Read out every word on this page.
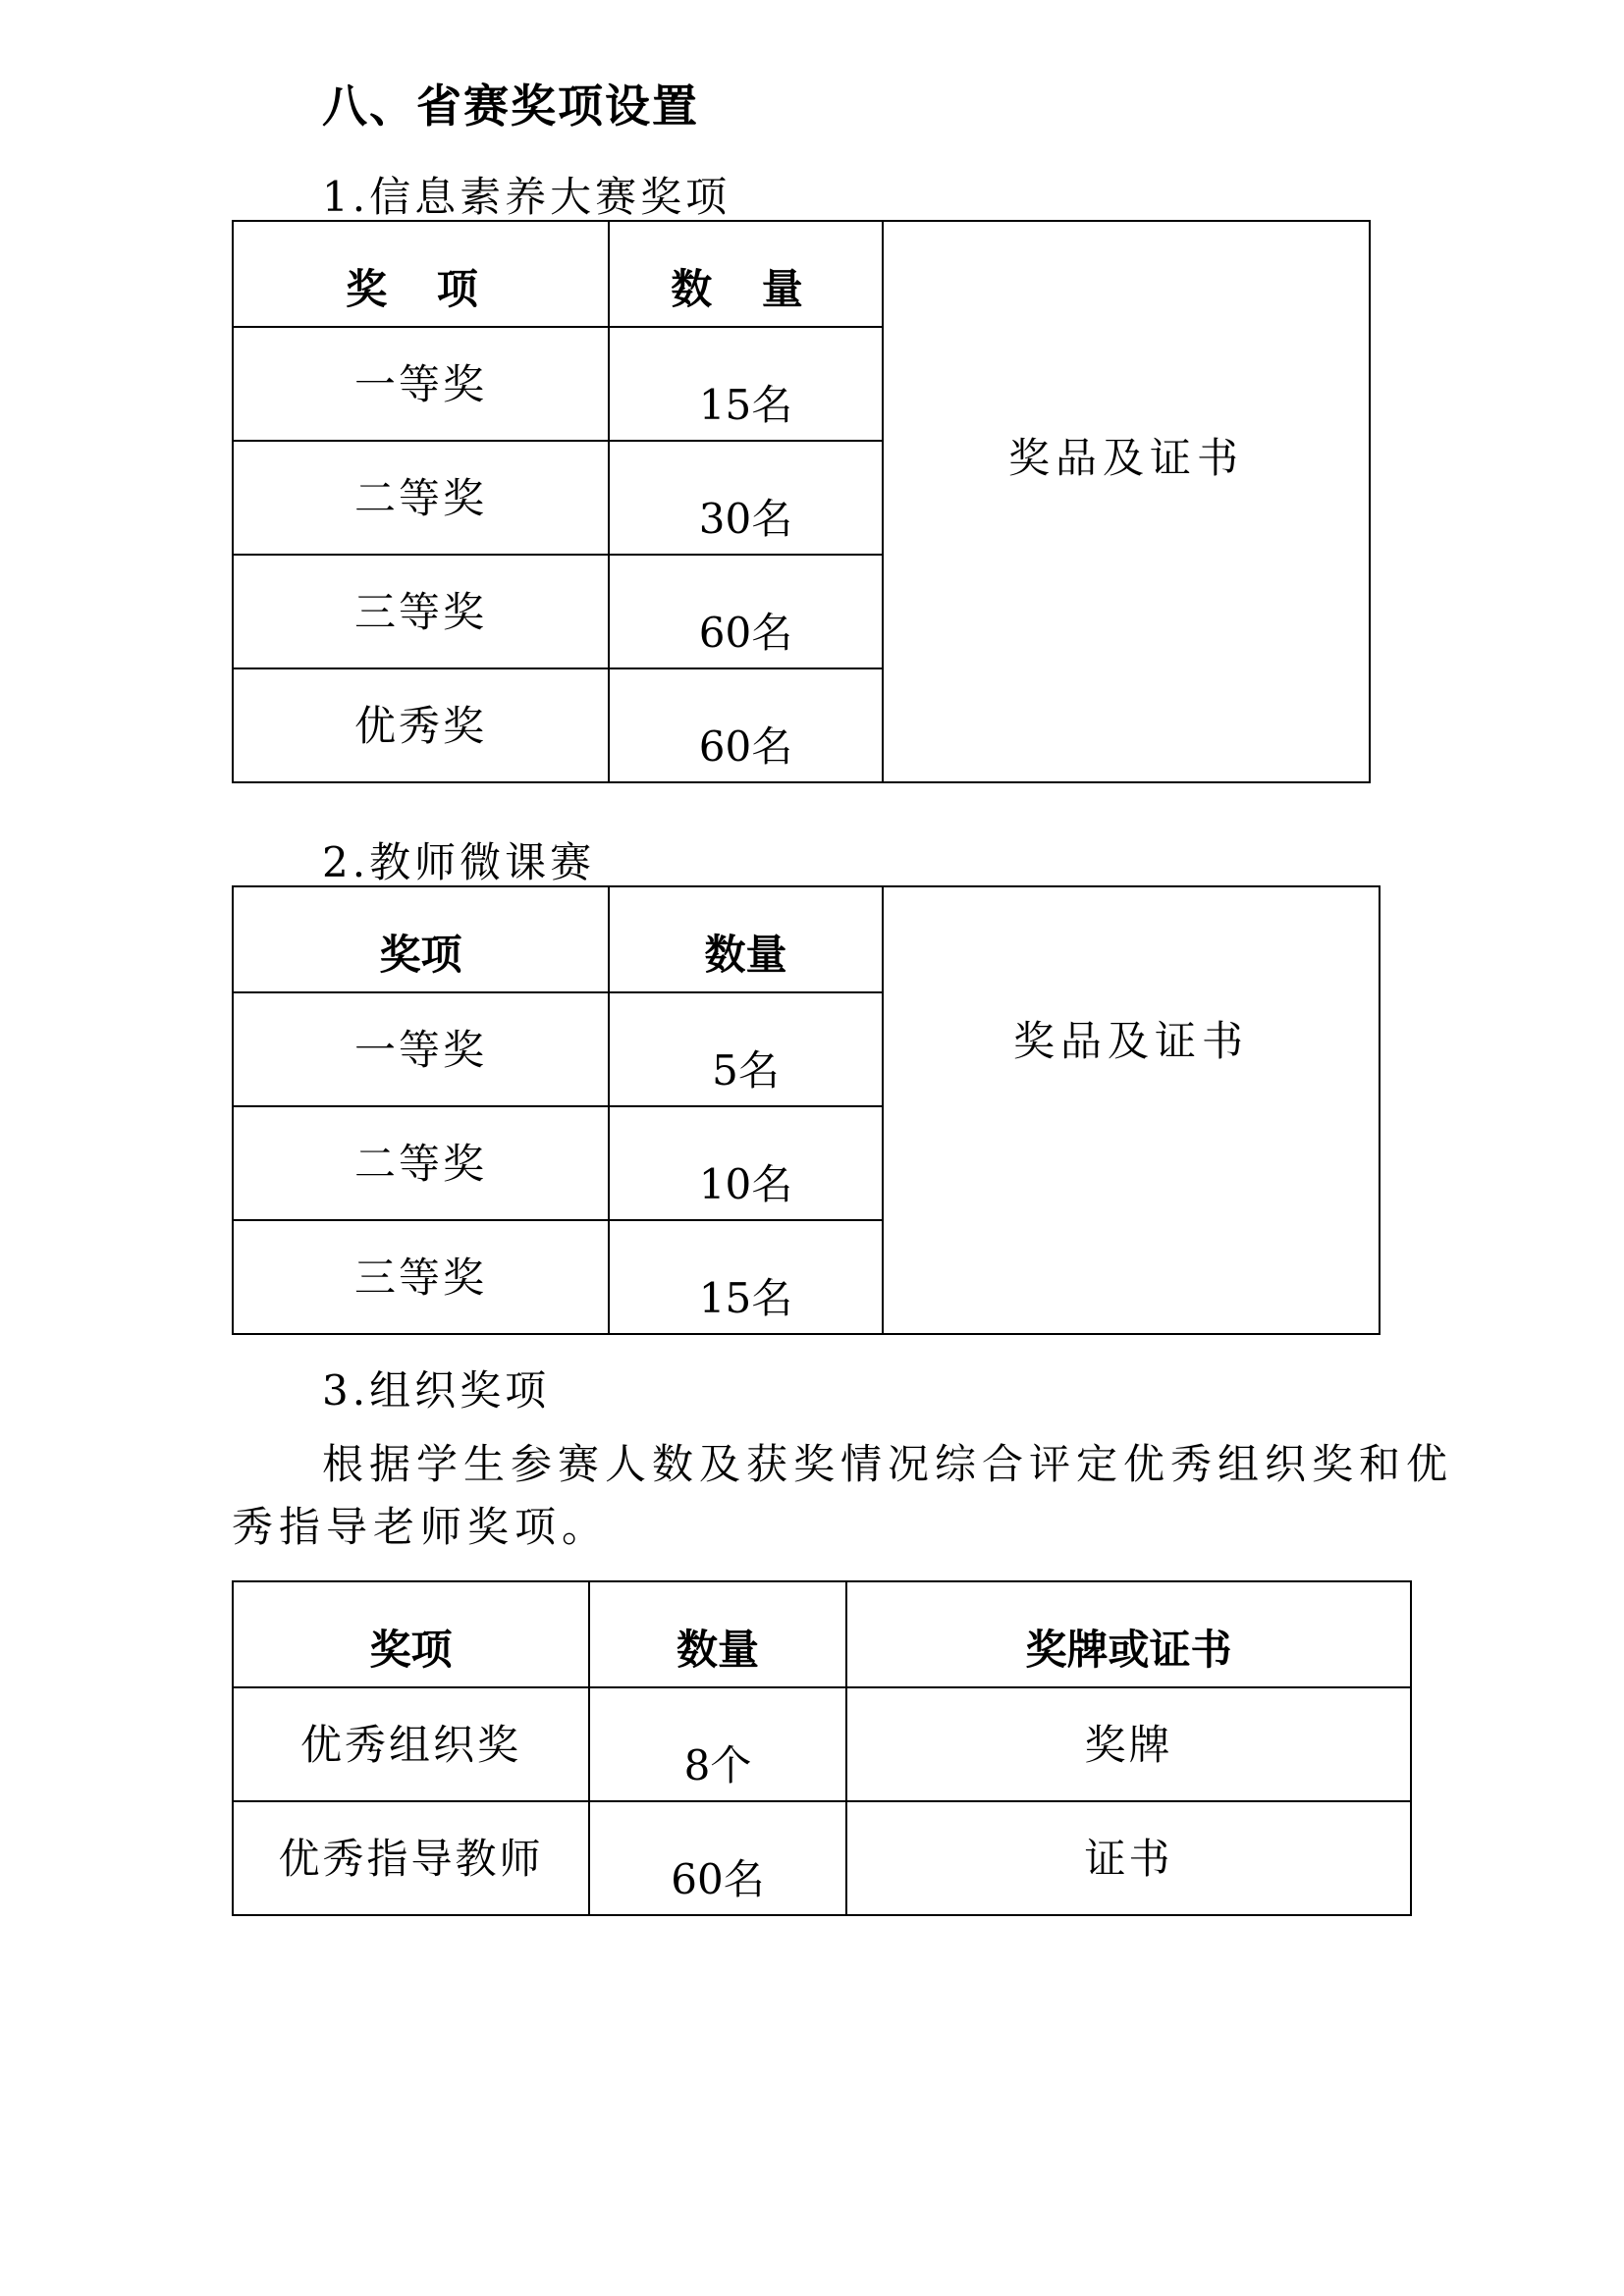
八、省赛奖项设置
1.信息素养大赛奖项
奖 项	数 量	奖品及证书

一等奖	15名	
二等奖	30名	
三等奖	60名	
优秀奖	60名	
2.教师微课赛
奖项	数量	奖品及证书

一等奖	5名	
二等奖	10名	
三等奖	15名	
3.组织奖项

根据学生参赛人数及获奖情况综合评定优秀组织奖和优秀指导老师奖项。

奖项	数量	奖牌或证书
优秀组织奖	8个	奖牌
优秀指导教师	60名	证书
